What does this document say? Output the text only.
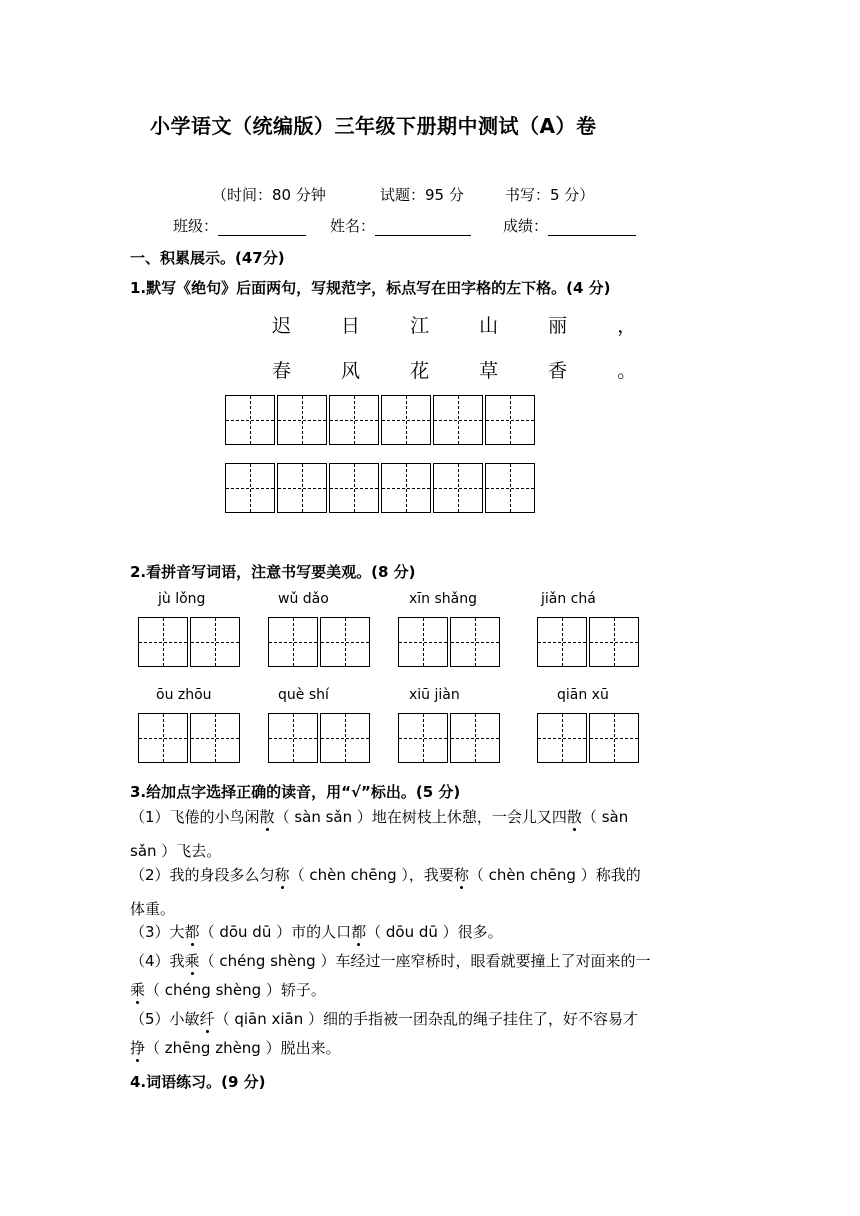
小学语文（统编版）三年级下册期中测试（A）卷
（时间：80 分钟	试题：95 分	书写：5 分）
班级：	姓名：	成绩：
一、积累展示。(47分)
1.默写《绝句》后面两句，写规范字，标点写在田字格的左下格。(4 分)
迟 日 江 山 丽 ，
春 风 花 草 香 。
2.看拼音写词语，注意书写要美观。(8 分)
jù lǒng	wǔ dǎo	xīn shǎng	jiǎn chá
ōu zhōu	què shí	xiū jiàn	qiān xū
3.给加点字选择正确的读音，用“√”标出。(5 分)
（1）飞倦的小鸟闲散（ sàn sǎn ）地在树枝上休憩，一会儿又四散（ sàn
sǎn ）飞去。
（2）我的身段多么匀称（ chèn chēng ），我要称（ chèn chēng ）称我的
体重。
（3）大都（ dōu dū ）市的人口都（ dōu dū ）很多。
（4）我乘（ chéng shèng ）车经过一座窄桥时，眼看就要撞上了对面来的一
乘（ chéng shèng ）轿子。
（5）小敏纤（ qiān xiān ）细的手指被一团杂乱的绳子挂住了，好不容易才
挣（ zhēng zhèng ）脱出来。
4.词语练习。(9 分)
